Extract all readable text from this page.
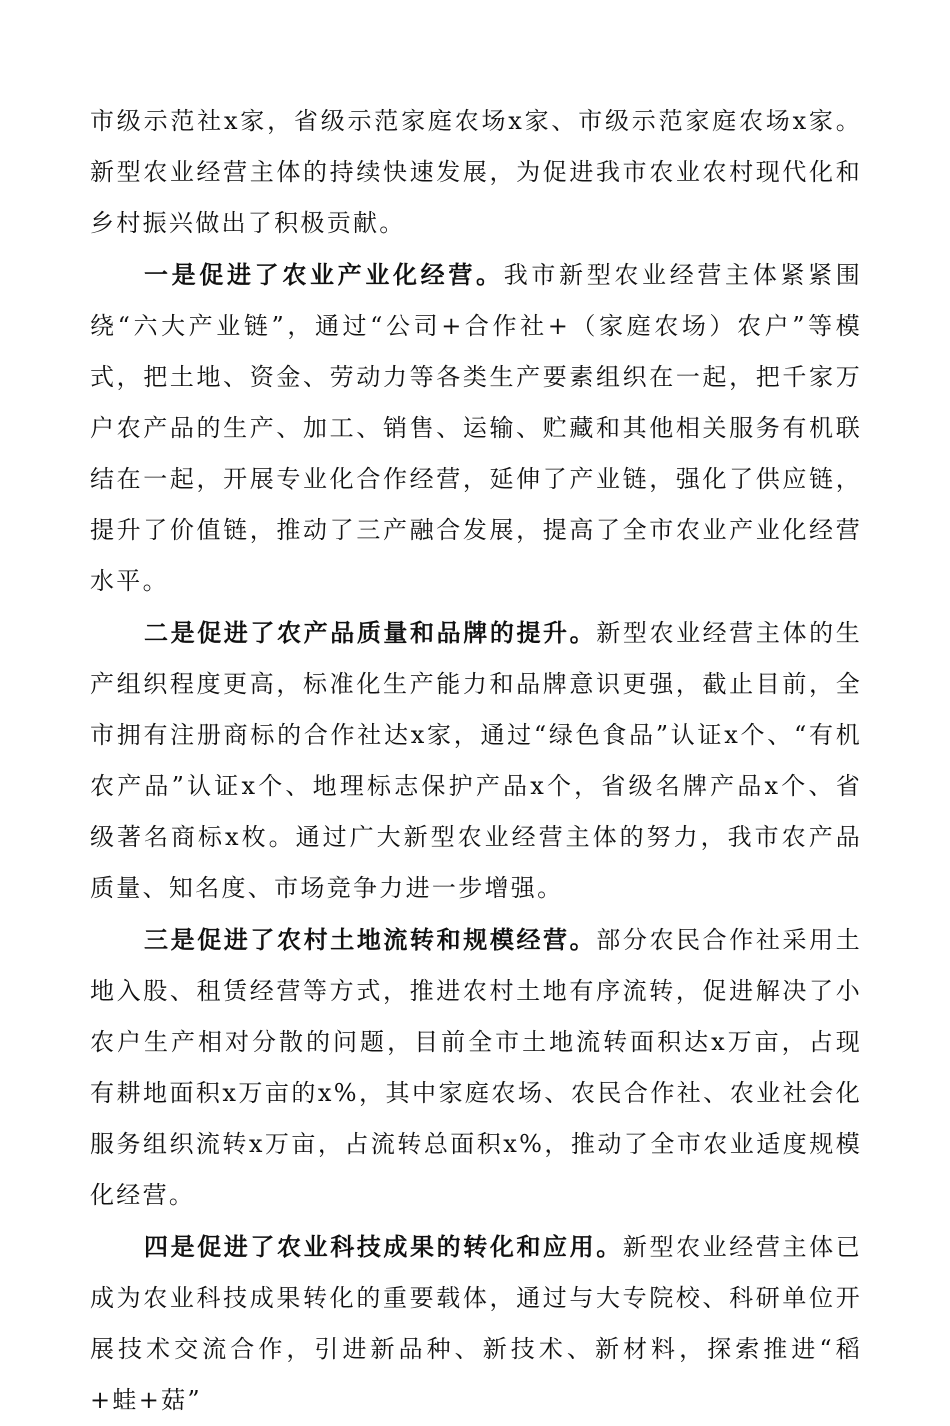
市级示范社x家，省级示范家庭农场x家、市级示范家庭农场x家。新型农业经营主体的持续快速发展，为促进我市农业农村现代化和乡村振兴做出了积极贡献。

一是促进了农业产业化经营。我市新型农业经营主体紧紧围绕“六大产业链”，通过“公司+合作社+（家庭农场）农户”等模式，把土地、资金、劳动力等各类生产要素组织在一起，把千家万户农产品的生产、加工、销售、运输、贮藏和其他相关服务有机联结在一起，开展专业化合作经营，延伸了产业链，强化了供应链，提升了价值链，推动了三产融合发展，提高了全市农业产业化经营水平。

二是促进了农产品质量和品牌的提升。新型农业经营主体的生产组织程度更高，标准化生产能力和品牌意识更强，截止目前，全市拥有注册商标的合作社达x家，通过“绿色食品”认证x个、“有机农产品”认证x个、地理标志保护产品x个，省级名牌产品x个、省级著名商标x枚。通过广大新型农业经营主体的努力，我市农产品质量、知名度、市场竞争力进一步增强。

三是促进了农村土地流转和规模经营。部分农民合作社采用土地入股、租赁经营等方式，推进农村土地有序流转，促进解决了小农户生产相对分散的问题，目前全市土地流转面积达x万亩，占现有耕地面积x万亩的x%，其中家庭农场、农民合作社、农业社会化服务组织流转x万亩，占流转总面积x%，推动了全市农业适度规模化经营。

四是促进了农业科技成果的转化和应用。新型农业经营主体已成为农业科技成果转化的重要载体，通过与大专院校、科研单位开展技术交流合作，引进新品种、新技术、新材料，探索推进“稻+蛙+菇”
